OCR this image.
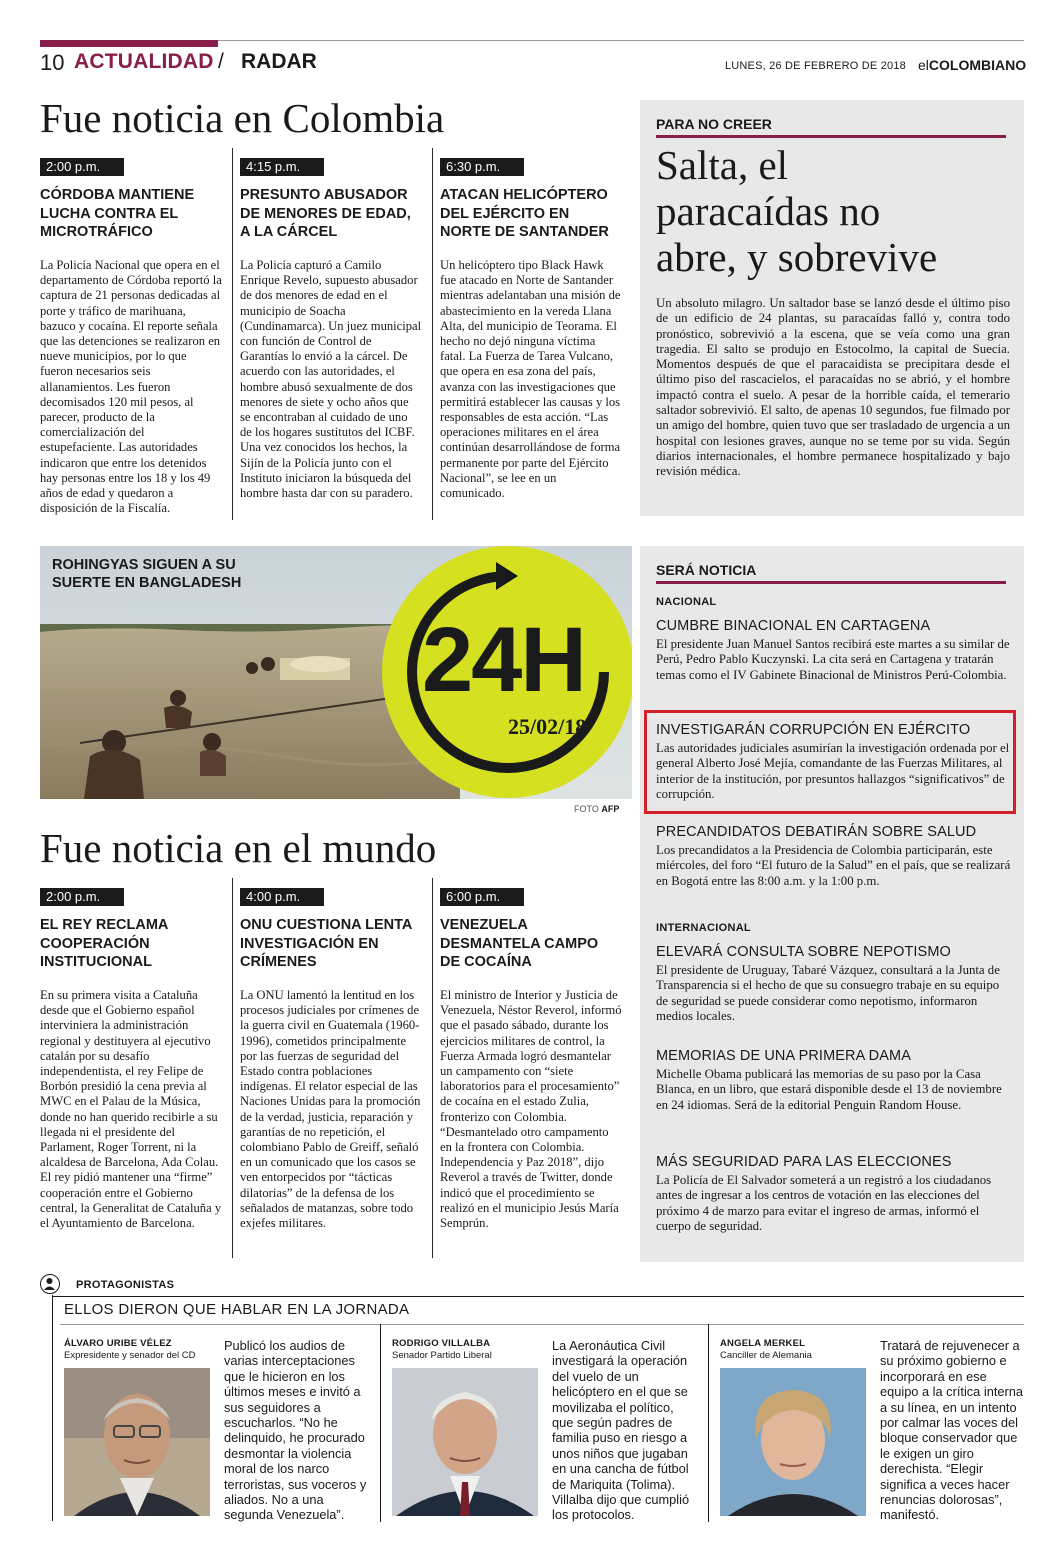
10 ACTUALIDAD / RADAR	LUNES, 26 DE FEBRERO DE 2018 elCOLOMBIANO
Fue noticia en Colombia
2:00 p.m.
CÓRDOBA MANTIENE LUCHA CONTRA EL MICROTRÁFICO
La Policía Nacional que opera en el departamento de Córdoba reportó la captura de 21 personas dedicadas al porte y tráfico de marihuana, bazuco y cocaína. El reporte señala que las detenciones se realizaron en nueve municipios, por lo que fueron necesarios seis allanamientos. Les fueron decomisados 120 mil pesos, al parecer, producto de la comercialización del estupefaciente. Las autoridades indicaron que entre los detenidos hay personas entre los 18 y los 49 años de edad y quedaron a disposición de la Fiscalía.
4:15 p.m.
PRESUNTO ABUSADOR DE MENORES DE EDAD, A LA CÁRCEL
La Policía capturó a Camilo Enrique Revelo, supuesto abusador de dos menores de edad en el municipio de Soacha (Cundinamarca). Un juez municipal con función de Control de Garantías lo envió a la cárcel. De acuerdo con las autoridades, el hombre abusó sexualmente de dos menores de siete y ocho años que se encontraban al cuidado de uno de los hogares sustitutos del ICBF. Una vez conocidos los hechos, la Sijín de la Policía junto con el Instituto iniciaron la búsqueda del hombre hasta dar con su paradero.
6:30 p.m.
ATACAN HELICÓPTERO DEL EJÉRCITO EN NORTE DE SANTANDER
Un helicóptero tipo Black Hawk fue atacado en Norte de Santander mientras adelantaban una misión de abastecimiento en la vereda Llana Alta, del municipio de Teorama. El hecho no dejó ninguna víctima fatal. La Fuerza de Tarea Vulcano, que opera en esa zona del país, avanza con las investigaciones que permitirá establecer las causas y los responsables de esta acción. “Las operaciones militares en el área continúan desarrollándose de forma permanente por parte del Ejército Nacional”, se lee en un comunicado.
PARA NO CREER
Salta, el
paracaídas no
abre, y sobrevive
Un absoluto milagro. Un saltador base se lanzó desde el último piso de un edificio de 24 plantas, su paracaídas falló y, contra todo pronóstico, sobrevivió a la escena, que se veía como una gran tragedia. El salto se produjo en Estocolmo, la capital de Suecia. Momentos después de que el paracaidista se precipitara desde el último piso del rascacielos, el paracaídas no se abrió, y el hombre impactó contra el suelo. A pesar de la horrible caída, el temerario saltador sobrevivió. El salto, de apenas 10 segundos, fue filmado por un amigo del hombre, quien tuvo que ser trasladado de urgencia a un hospital con lesiones graves, aunque no se teme por su vida. Según diarios internacionales, el hombre permanece hospitalizado y bajo revisión médica.
ROHINGYAS SIGUEN A SU SUERTE EN BANGLADESH
24H
25/02/18
FOTO AFP
Fue noticia en el mundo
2:00 p.m.
EL REY RECLAMA COOPERACIÓN INSTITUCIONAL
En su primera visita a Cataluña desde que el Gobierno español interviniera la administración regional y destituyera al ejecutivo catalán por su desafío independentista, el rey Felipe de Borbón presidió la cena previa al MWC en el Palau de la Música, donde no han querido recibirle a su llegada ni el presidente del Parlament, Roger Torrent, ni la alcaldesa de Barcelona, Ada Colau. El rey pidió mantener una “firme” cooperación entre el Gobierno central, la Generalitat de Cataluña y el Ayuntamiento de Barcelona.
4:00 p.m.
ONU CUESTIONA LENTA INVESTIGACIÓN EN CRÍMENES
La ONU lamentó la lentitud en los procesos judiciales por crímenes de la guerra civil en Guatemala (1960-1996), cometidos principalmente por las fuerzas de seguridad del Estado contra poblaciones indígenas. El relator especial de las Naciones Unidas para la promoción de la verdad, justicia, reparación y garantías de no repetición, el colombiano Pablo de Greiff, señaló en un comunicado que los casos se ven entorpecidos por “tácticas dilatorias” de la defensa de los señalados de matanzas, sobre todo exjefes militares.
6:00 p.m.
VENEZUELA DESMANTELA CAMPO DE COCAÍNA
El ministro de Interior y Justicia de Venezuela, Néstor Reverol, informó que el pasado sábado, durante los ejercicios militares de control, la Fuerza Armada logró desmantelar un campamento con “siete laboratorios para el procesamiento” de cocaína en el estado Zulia, fronterizo con Colombia. “Desmantelado otro campamento en la frontera con Colombia. Independencia y Paz 2018”, dijo Reverol a través de Twitter, donde indicó que el procedimiento se realizó en el municipio Jesús María Semprún.
SERÁ NOTICIA
NACIONAL
CUMBRE BINACIONAL EN CARTAGENA
El presidente Juan Manuel Santos recibirá este martes a su similar de Perú, Pedro Pablo Kuczynski. La cita será en Cartagena y tratarán temas como el IV Gabinete Binacional de Ministros Perú-Colombia.
INVESTIGARÁN CORRUPCIÓN EN EJÉRCITO
Las autoridades judiciales asumirían la investigación ordenada por el general Alberto José Mejía, comandante de las Fuerzas Militares, al interior de la institución, por presuntos hallazgos “significativos” de corrupción.
PRECANDIDATOS DEBATIRÁN SOBRE SALUD
Los precandidatos a la Presidencia de Colombia participarán, este miércoles, del foro “El futuro de la Salud” en el país, que se realizará en Bogotá entre las 8:00 a.m. y la 1:00 p.m.
INTERNACIONAL
ELEVARÁ CONSULTA SOBRE NEPOTISMO
El presidente de Uruguay, Tabaré Vázquez, consultará a la Junta de Transparencia si el hecho de que su consuegro trabaje en su equipo de seguridad se puede considerar como nepotismo, informaron medios locales.
MEMORIAS DE UNA PRIMERA DAMA
Michelle Obama publicará las memorias de su paso por la Casa Blanca, en un libro, que estará disponible desde el 13 de noviembre en 24 idiomas. Será de la editorial Penguin Random House.
MÁS SEGURIDAD PARA LAS ELECCIONES
La Policía de El Salvador someterá a un registró a los ciudadanos antes de ingresar a los centros de votación en las elecciones del próximo 4 de marzo para evitar el ingreso de armas, informó el cuerpo de seguridad.
PROTAGONISTAS
ELLOS DIERON QUE HABLAR EN LA JORNADA
ÁLVARO URIBE VÉLEZ
Expresidente y senador del CD
Publicó los audios de varias interceptaciones que le hicieron en los últimos meses e invitó a sus seguidores a escucharlos. “No he delinquido, he procurado desmontar la violencia moral de los narco terroristas, sus voceros y aliados. No a una segunda Venezuela”.
RODRIGO VILLALBA
Senador Partido Liberal
La Aeronáutica Civil investigará la operación del vuelo de un helicóptero en el que se movilizaba el político, que según padres de familia puso en riesgo a unos niños que jugaban en una cancha de fútbol de Mariquita (Tolima). Villalba dijo que cumplió los protocolos.
ANGELA MERKEL
Canciller de Alemania
Tratará de rejuvenecer a su próximo gobierno e incorporará en ese equipo a la crítica interna a su línea, en un intento por calmar las voces del bloque conservador que le exigen un giro derechista. “Elegir significa a veces hacer renuncias dolorosas”, manifestó.
